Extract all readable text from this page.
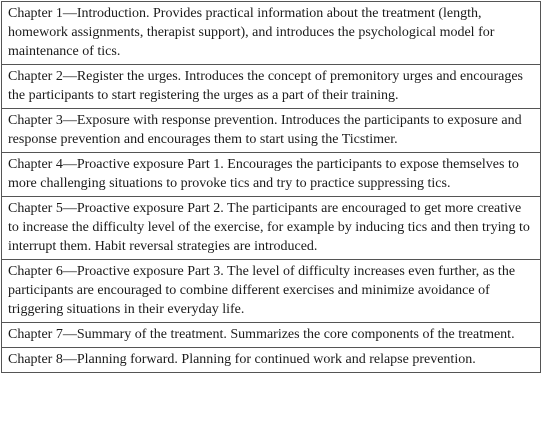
Chapter 1—Introduction. Provides practical information about the treatment (length, homework assignments, therapist support), and introduces the psychological model for maintenance of tics.
Chapter 2—Register the urges. Introduces the concept of premonitory urges and encourages the participants to start registering the urges as a part of their training.
Chapter 3—Exposure with response prevention. Introduces the participants to exposure and response prevention and encourages them to start using the Ticstimer.
Chapter 4—Proactive exposure Part 1. Encourages the participants to expose themselves to more challenging situations to provoke tics and try to practice suppressing tics.
Chapter 5—Proactive exposure Part 2. The participants are encouraged to get more creative to increase the difficulty level of the exercise, for example by inducing tics and then trying to interrupt them. Habit reversal strategies are introduced.
Chapter 6—Proactive exposure Part 3. The level of difficulty increases even further, as the participants are encouraged to combine different exercises and minimize avoidance of triggering situations in their everyday life.
Chapter 7—Summary of the treatment. Summarizes the core components of the treatment.
Chapter 8—Planning forward. Planning for continued work and relapse prevention.
